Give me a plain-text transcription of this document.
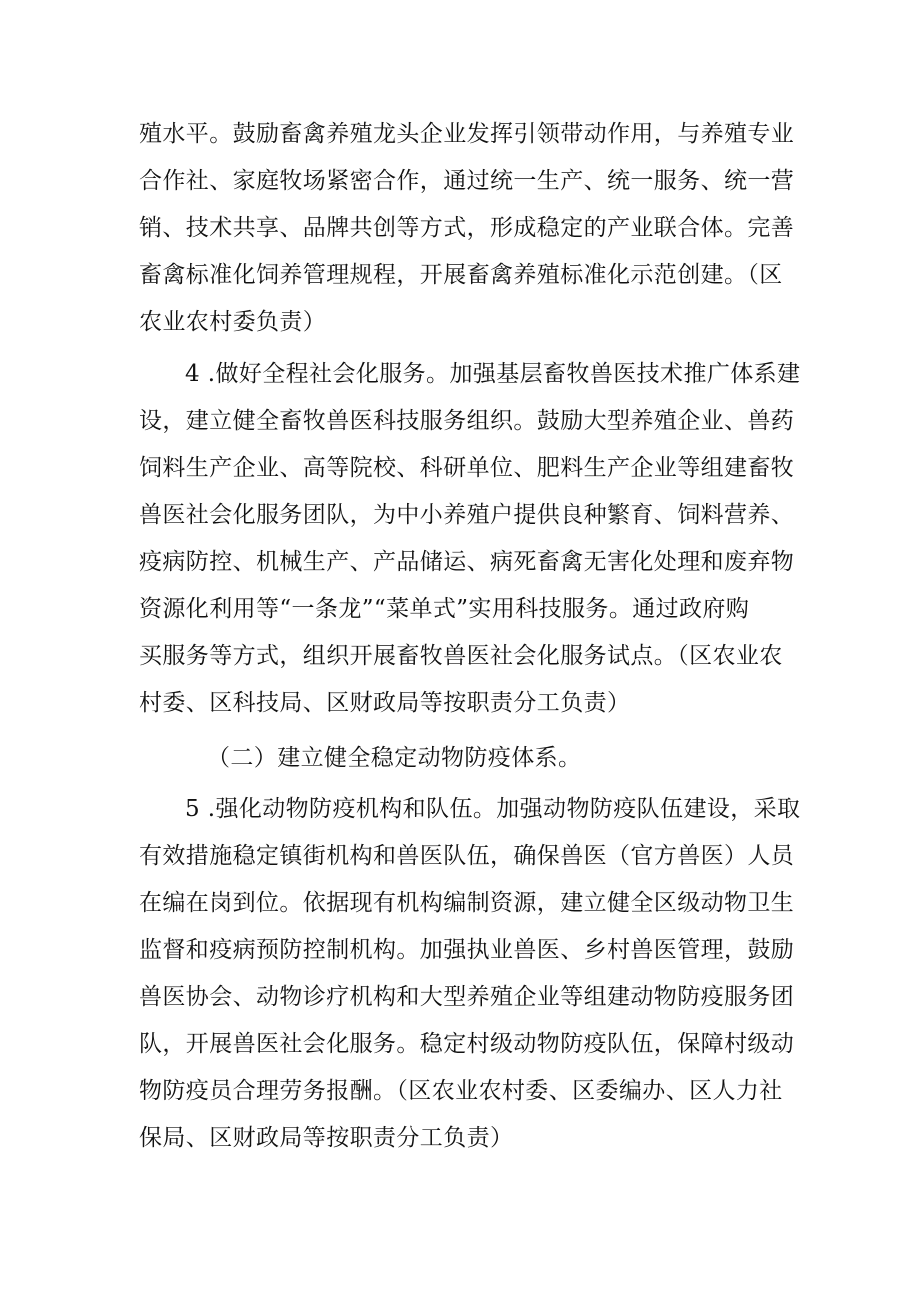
殖水平。鼓励畜禽养殖龙头企业发挥引领带动作用，与养殖专业
合作社、家庭牧场紧密合作，通过统一生产、统一服务、统一营
销、技术共享、品牌共创等方式，形成稳定的产业联合体。完善
畜禽标准化饲养管理规程，开展畜禽养殖标准化示范创建。（区
农业农村委负责）
4 .做好全程社会化服务。加强基层畜牧兽医技术推广体系建
设，建立健全畜牧兽医科技服务组织。鼓励大型养殖企业、兽药
饲料生产企业、高等院校、科研单位、肥料生产企业等组建畜牧
兽医社会化服务团队，为中小养殖户提供良种繁育、饲料营养、
疫病防控、机械生产、产品储运、病死畜禽无害化处理和废弃物
资源化利用等“一条龙”“菜单式”实用科技服务。通过政府购
买服务等方式，组织开展畜牧兽医社会化服务试点。（区农业农
村委、区科技局、区财政局等按职责分工负责）
（二）建立健全稳定动物防疫体系。
5 .强化动物防疫机构和队伍。加强动物防疫队伍建设，采取
有效措施稳定镇街机构和兽医队伍，确保兽医（官方兽医）人员
在编在岗到位。依据现有机构编制资源，建立健全区级动物卫生
监督和疫病预防控制机构。加强执业兽医、乡村兽医管理，鼓励
兽医协会、动物诊疗机构和大型养殖企业等组建动物防疫服务团
队，开展兽医社会化服务。稳定村级动物防疫队伍，保障村级动
物防疫员合理劳务报酬。（区农业农村委、区委编办、区人力社
保局、区财政局等按职责分工负责）
